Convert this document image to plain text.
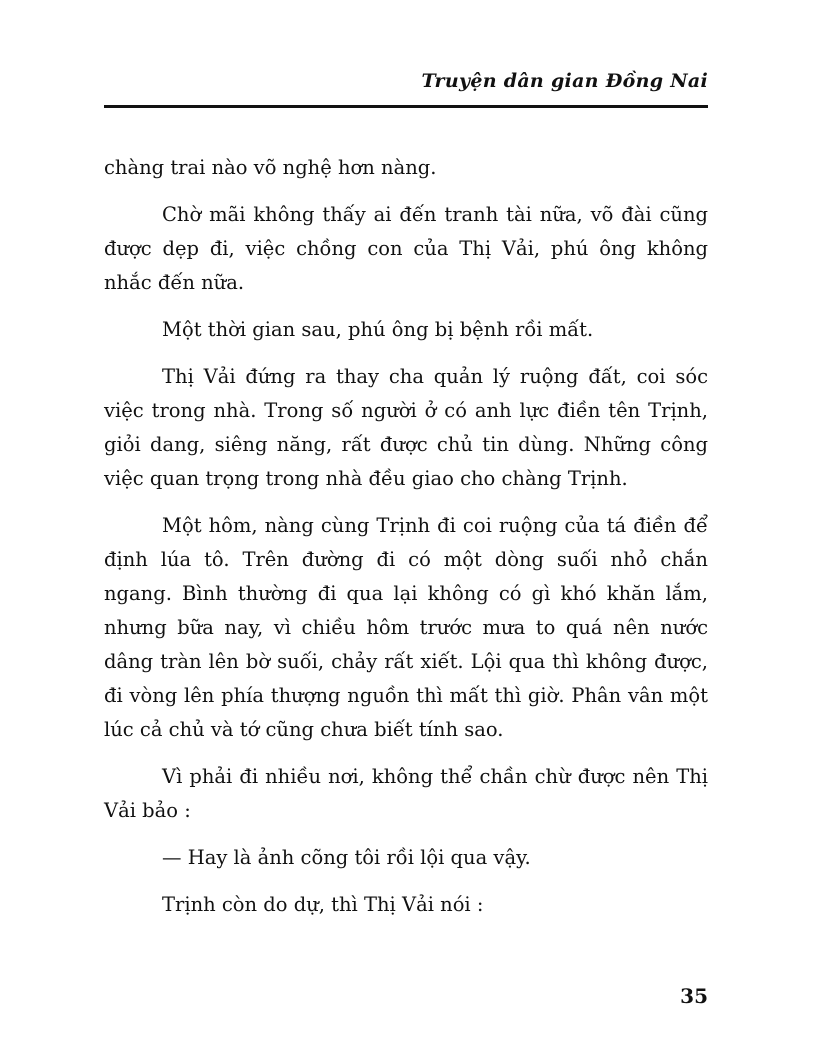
Truyện dân gian Đồng Nai

chàng trai nào võ nghệ hơn nàng.

Chờ mãi không thấy ai đến tranh tài nữa, võ đài cũng được dẹp đi, việc chồng con của Thị Vải, phú ông không nhắc đến nữa.

Một thời gian sau, phú ông bị bệnh rồi mất.

Thị Vải đứng ra thay cha quản lý ruộng đất, coi sóc việc trong nhà. Trong số người ở có anh lực điền tên Trịnh, giỏi dang, siêng năng, rất được chủ tin dùng. Những công việc quan trọng trong nhà đều giao cho chàng Trịnh.

Một hôm, nàng cùng Trịnh đi coi ruộng của tá điền để định lúa tô. Trên đường đi có một dòng suối nhỏ chắn ngang. Bình thường đi qua lại không có gì khó khăn lắm, nhưng bữa nay, vì chiều hôm trước mưa to quá nên nước dâng tràn lên bờ suối, chảy rất xiết. Lội qua thì không được, đi vòng lên phía thượng nguồn thì mất thì giờ. Phân vân một lúc cả chủ và tớ cũng chưa biết tính sao.

Vì phải đi nhiều nơi, không thể chần chừ được nên Thị Vải bảo :

— Hay là ảnh cõng tôi rồi lội qua vậy.

Trịnh còn do dự, thì Thị Vải nói :

35
